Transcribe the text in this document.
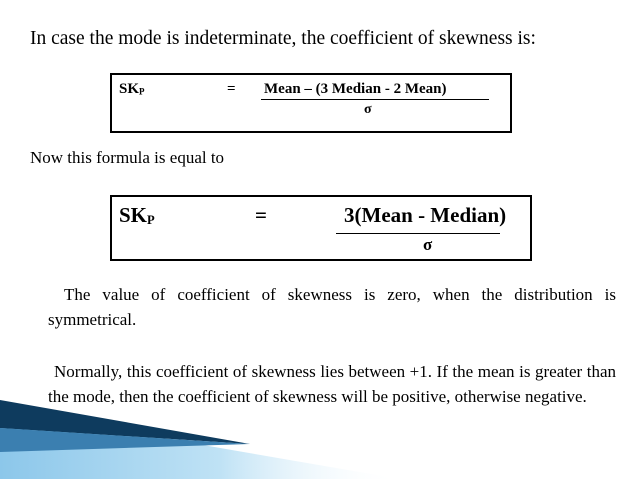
In case the mode is indeterminate, the coefficient of skewness is:
$SK_P$	= Mean – (3 Median - 2 Mean)
σ
Now this formula is equal to
$SK_P$	=	3(Mean - Median)
σ
The value of coefficient of skewness is zero, when the distribution is symmetrical.
Normally, this coefficient of skewness lies between +1. If the mean is greater than the mode, then the coefficient of skewness will be positive, otherwise negative.
